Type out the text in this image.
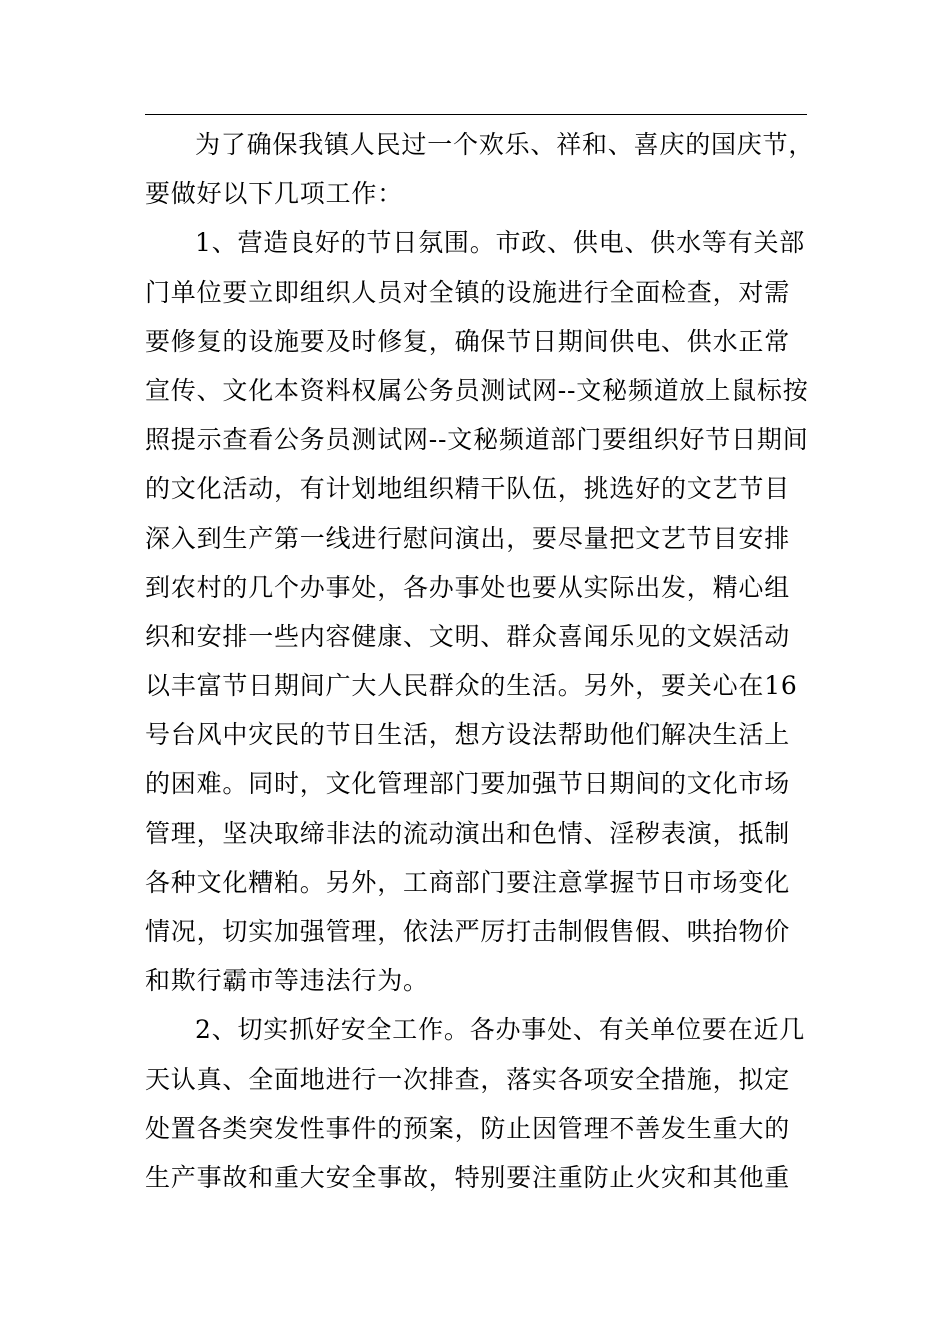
为了确保我镇人民过一个欢乐、祥和、喜庆的国庆节，
要做好以下几项工作：
1、营造良好的节日氛围。市政、供电、供水等有关部
门单位要立即组织人员对全镇的设施进行全面检查，对需
要修复的设施要及时修复，确保节日期间供电、供水正常
宣传、文化本资料权属公务员测试网--文秘频道放上鼠标按
照提示查看公务员测试网--文秘频道部门要组织好节日期间
的文化活动，有计划地组织精干队伍，挑选好的文艺节目
深入到生产第一线进行慰问演出，要尽量把文艺节目安排
到农村的几个办事处，各办事处也要从实际出发，精心组
织和安排一些内容健康、文明、群众喜闻乐见的文娱活动
以丰富节日期间广大人民群众的生活。另外，要关心在16
号台风中灾民的节日生活，想方设法帮助他们解决生活上
的困难。同时，文化管理部门要加强节日期间的文化市场
管理，坚决取缔非法的流动演出和色情、淫秽表演，抵制
各种文化糟粕。另外，工商部门要注意掌握节日市场变化
情况，切实加强管理，依法严厉打击制假售假、哄抬物价
和欺行霸市等违法行为。
2、切实抓好安全工作。各办事处、有关单位要在近几
天认真、全面地进行一次排查，落实各项安全措施，拟定
处置各类突发性事件的预案，防止因管理不善发生重大的
生产事故和重大安全事故，特别要注重防止火灾和其他重
